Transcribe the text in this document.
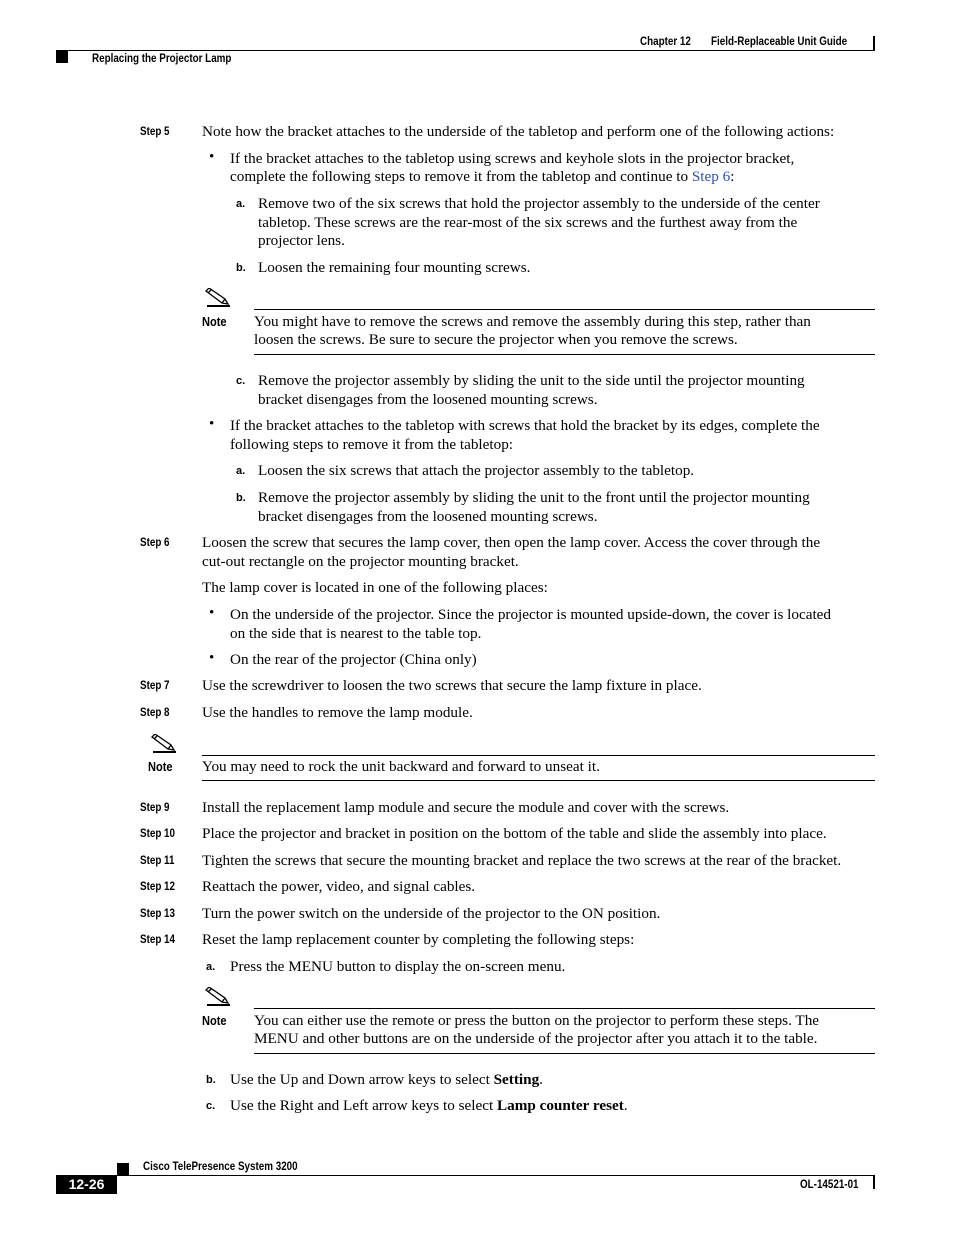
Chapter 12 Field-Replaceable Unit Guide
Replacing the Projector Lamp
Step 5 Note how the bracket attaches to the underside of the tabletop and perform one of the following actions:
• If the bracket attaches to the tabletop using screws and keyhole slots in the projector bracket,
complete the following steps to remove it from the tabletop and continue to Step 6:
a. Remove two of the six screws that hold the projector assembly to the underside of the center
tabletop. These screws are the rear-most of the six screws and the furthest away from the
projector lens.
b. Loosen the remaining four mounting screws.
Note You might have to remove the screws and remove the assembly during this step, rather than
loosen the screws. Be sure to secure the projector when you remove the screws.
c. Remove the projector assembly by sliding the unit to the side until the projector mounting
bracket disengages from the loosened mounting screws.
• If the bracket attaches to the tabletop with screws that hold the bracket by its edges, complete the
following steps to remove it from the tabletop:
a. Loosen the six screws that attach the projector assembly to the tabletop.
b. Remove the projector assembly by sliding the unit to the front until the projector mounting
bracket disengages from the loosened mounting screws.
Step 6 Loosen the screw that secures the lamp cover, then open the lamp cover. Access the cover through the
cut-out rectangle on the projector mounting bracket.
The lamp cover is located in one of the following places:
• On the underside of the projector. Since the projector is mounted upside-down, the cover is located
on the side that is nearest to the table top.
• On the rear of the projector (China only)
Step 7 Use the screwdriver to loosen the two screws that secure the lamp fixture in place.
Step 8 Use the handles to remove the lamp module.
Note You may need to rock the unit backward and forward to unseat it.
Step 9 Install the replacement lamp module and secure the module and cover with the screws.
Step 10 Place the projector and bracket in position on the bottom of the table and slide the assembly into place.
Step 11 Tighten the screws that secure the mounting bracket and replace the two screws at the rear of the bracket.
Step 12 Reattach the power, video, and signal cables.
Step 13 Turn the power switch on the underside of the projector to the ON position.
Step 14 Reset the lamp replacement counter by completing the following steps:
a. Press the MENU button to display the on-screen menu.
Note You can either use the remote or press the button on the projector to perform these steps. The
MENU and other buttons are on the underside of the projector after you attach it to the table.
b. Use the Up and Down arrow keys to select Setting.
c. Use the Right and Left arrow keys to select Lamp counter reset.
Cisco TelePresence System 3200
12-26	OL-14521-01
